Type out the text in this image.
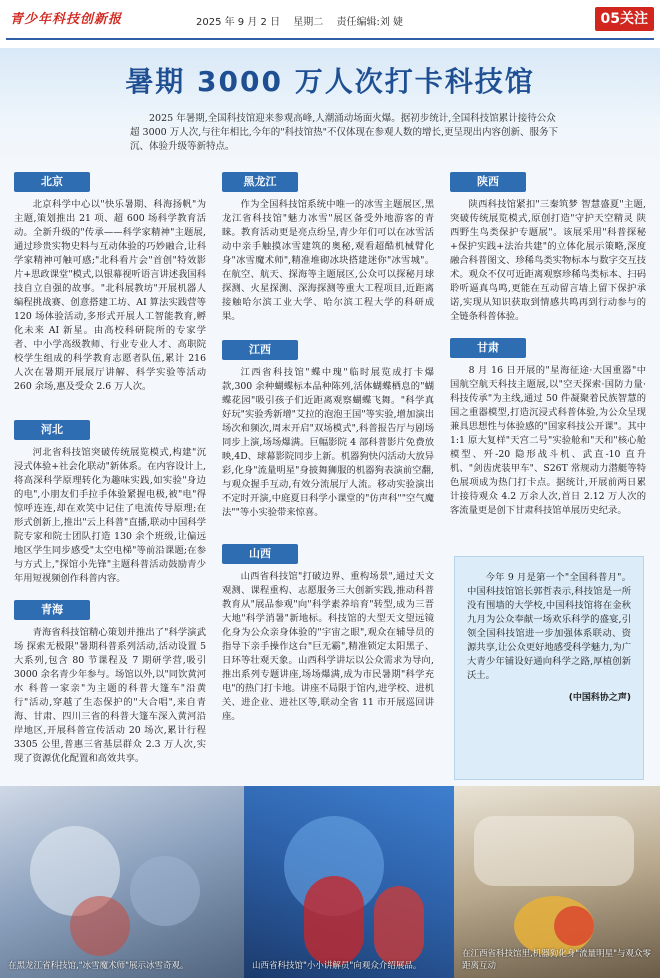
青少年科技创新报	2025 年 9 月 2 日 星期二 责任编辑:刘 婕	05关注
暑期 3000 万人次打卡科技馆

2025 年暑期,全国科技馆迎来参观高峰,人潮涌动场面火爆。据初步统计,全国科技馆累计接待公众超 3000 万人次,与往年相比,今年的"科技馆热"不仅体现在参观人数的增长,更呈现出内容创新、服务下沉、体验升级等新特点。

北京

北京科学中心以"快乐暑期、科海扬帆"为主题,策划推出 21 项、超 600 场科学教育活动。全新升级的"传承——科学家精神"主题展,通过珍贵实物史料与互动体验的巧妙融合,让科学家精神可触可感;"北科看片会"首创"特效影片+思政课堂"模式,以银幕视听语言讲述我国科技自立自强的故事。"北科展教坊"开展机器人编程挑战赛、创意搭建工坊、AI 算法实践营等 120 场体验活动,多形式开展人工智能教育,孵化未来 AI 新星。由高校科研院所的专家学者、中小学高级教师、行业专业人才、高职院校学生组成的科学教育志愿者队伍,累计 216 人次在暑期开展展厅讲解、科学实验等活动 260 余场,惠及受众 2.6 万人次。

河北

河北省科技馆突破传统展览模式,构建"沉浸式体验+社会化联动"新体系。在内容设计上,将高深科学原理转化为趣味实践,如实验"身边的电",小朋友们手拉手体验紧握电极,被"电"得惊呼连连,却在欢笑中记住了电流传导原理;在形式创新上,推出"云上科普"直播,联动中国科学院专家和院士团队打造 130 余个班级,让偏远地区学生同步感受"太空电梯"等前沿课题;在参与方式上,"探馆小先锋"主题科普活动鼓励青少年用短视频创作科普内容。

青海

青海省科技馆精心策划并推出了"科学演武场 探索无极限"暑期科普系列活动,活动设置 5 大系列,包含 80 节课程及 7 期研学营,吸引 3000 余名青少年参与。场馆以外,以"同饮黄河水 科普一家亲"为主题的科普大篷车"沿黄行"活动,穿越了生态保护的"大合唱",来自青海、甘肃、四川三省的科普大篷车深入黄河沿岸地区,开展科普宣传活动 20 场次,累计行程 3305 公里,普惠三省基层群众 2.3 万人次,实现了资源优化配置和高效共享。

黑龙江

作为全国科技馆系统中唯一的冰雪主题展区,黑龙江省科技馆"魅力冰雪"展区备受外地游客的青睐。教育活动更是亮点纷呈,青少年们可以在冰雪活动中亲手触摸冰雪建筑的奥秘,观看超酷机械臂化身"冰雪魔术师",精准堆砌冰块搭建迷你"冰雪城"。在航空、航天、探海等主题展区,公众可以探秘月球探测、火星探测、深海探测等重大工程项目,近距离接触哈尔滨工业大学、哈尔滨工程大学的科研成果。

江西

江西省科技馆"蝶中瑰"临时展览成打卡爆款,300 余种蝴蝶标本品种陈列,活体蝴蝶栖息的"蝴蝶花园"吸引孩子们近距离观察蝴蝶飞舞。"科学真好玩"实验秀新增"艾拉的泡泡王国"等实验,增加演出场次和频次,周末开启"双场模式",科普报告厅与剧场同步上演,场场爆满。巨幅影院 4 部科普影片免费放映,4D、球幕影院同步上新。机器狗快闪活动大放异彩,化身"流量明星"身披舞狮服的机器狗表演前空翻,与观众握手互动,有效分流展厅人流。移动实验演出不定时开演,中庭夏日科学小课堂的"仿声科""空气魔法""等小实验带来惊喜。

山西

山西省科技馆"打破边界、重构场景",通过天文观测、课程重构、志愿服务三大创新实践,推动科普教育从"展品参观"向"科学素养培育"转型,成为三晋大地"科学消暑"新地标。科技馆的大型天文望远镜化身为公众亲身体验的"宇宙之眼",观众在辅导员的指导下亲手操作这台"巨无霸",精准锁定太阳黑子、日环等壮观天象。山西科学讲坛以公众需求为导向,推出系列专题讲座,场场爆满,成为市民暑期"科学充电"的热门打卡地。讲座不局限于馆内,进学校、进机关、进企业、进社区等,联动全省 11 市开展巡回讲座。

陕西

陕西科技馆紧扣"三秦筑梦 智慧盛夏"主题,突破传统展览模式,原创打造"守护天空精灵 陕西野生鸟类保护专题展"。该展采用"科普探秘+保护实践+法治共建"的立体化展示策略,深度融合科普图文、珍稀鸟类实物标本与数字交互技术。观众不仅可近距离观察珍稀鸟类标本、扫码聆听逼真鸟鸣,更能在互动留言墙上留下保护承诺,实现从知识获取到情感共鸣再到行动参与的全链条科普体验。

甘肃

8 月 16 日开展的"星海征途·大国重器"中国航空航天科技主题展,以"空天探索·国防力量·科技传承"为主线,通过 50 件凝聚着民族智慧的国之重器模型,打造沉浸式科普体验,为公众呈现兼具思想性与体验感的"国家科技公开课"。其中 1:1 原大复样"天宫二号"实验舱和"天和"核心舱模型、歼-20 隐形战斗机、武直-10 直升机、"剑齿虎装甲车"、S26T 常规动力潜艇等特色展项成为热门打卡点。据统计,开展前两日累计接待观众 4.2 万余人次,首日 2.12 万人次的客流量更是创下甘肃科技馆单展历史纪录。

今年 9 月是第一个"全国科普月"。中国科技馆馆长郭哲表示,科技馆是一所没有围墙的大学校,中国科技馆将在金秋九月为公众奉献一场欢乐科学的盛宴,引领全国科技馆进一步加强体系联动、资源共享,让公众更好地感受科学魅力,为广大青少年铺设好通向科学之路,厚植创新沃土。

(中国科协之声)
在黑龙江省科技馆,"冰雪魔术师"展示冰雪奇观。	山西省科技馆"小小讲解员"向观众介绍展品。
在江西省科技馆里,机器狗化身"流量明星"与观众零距离互动
